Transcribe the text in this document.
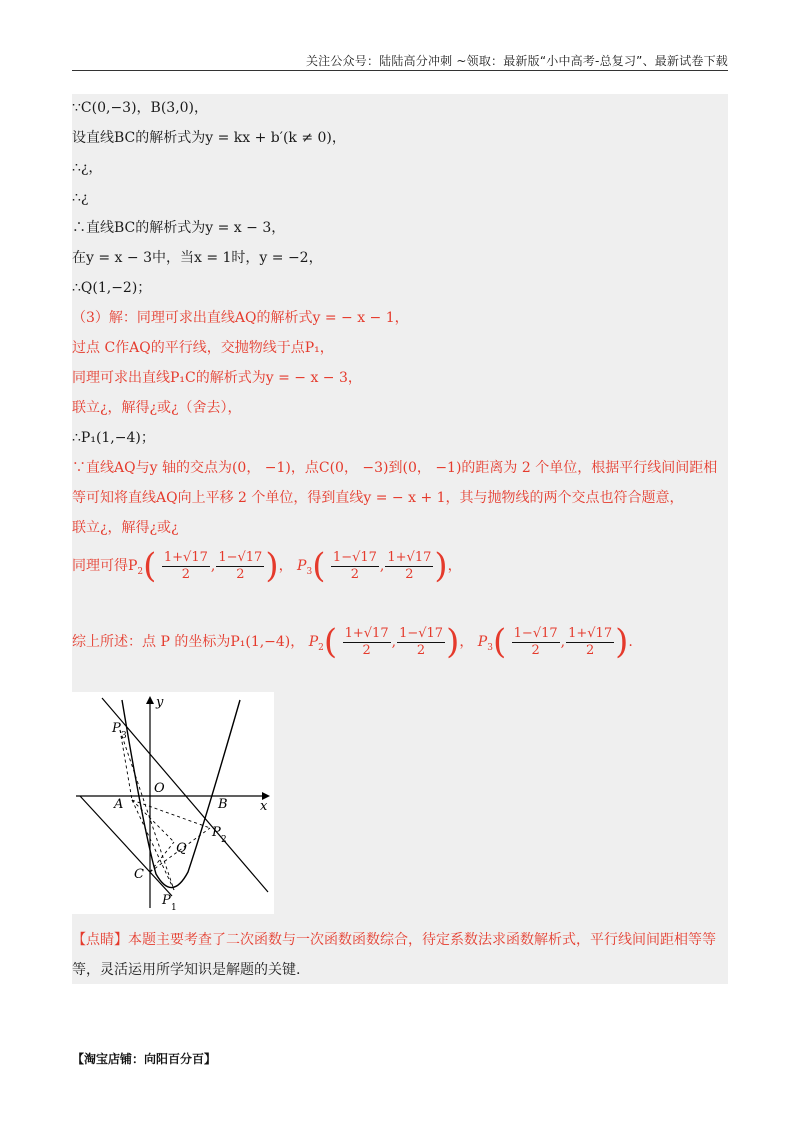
关注公众号：陆陆高分冲刺 ~领取：最新版“小中高考-总复习”、最新试卷下载
∵C(0,−3)，B(3,0)，
设直线BC的解析式为y = kx + b′(k ≠ 0)，
∴¿，
∴¿
∴直线BC的解析式为y = x − 3，
在y = x − 3中，当x = 1时，y = −2，
∴Q(1,−2)；
（3）解：同理可求出直线AQ的解析式y = − x − 1，
过点 C作AQ的平行线，交抛物线于点P₁，
同理可求出直线P₁C的解析式为y = − x − 3，
联立¿，解得¿或¿（舍去），
∴P₁(1,−4)；
∵直线AQ与y 轴的交点为(0， −1)，点C(0， −3)到(0， −1)的距离为 2 个单位，根据平行线间间距相
等可知将直线AQ向上平移 2 个单位，得到直线y = − x + 1，其与抛物线的两个交点也符合题意，
联立¿，解得¿或¿
同理可得$P_2( \frac{1+√17}{2}$ , $\frac{1-√17}{2}$ )， $P_3( \frac{1-√17}{2}$ , $\frac{1+√17}{2}$ )，
综上所述：点 P 的坐标为P₁(1,−4)， $P_2( \frac{1+√17}{2}$ , $\frac{1-√17}{2}$ )， $P_3( \frac{1-√17}{2}$ , $\frac{1+√17}{2}$ ).
【点睛】本题主要考查了二次函数与一次函数函数综合，待定系数法求函数解析式，平行线间间距相等等
等，灵活运用所学知识是解题的关键.
y
x
O
A	B
C
Q
P
P
P
1
2
3
【淘宝店铺：向阳百分百】
